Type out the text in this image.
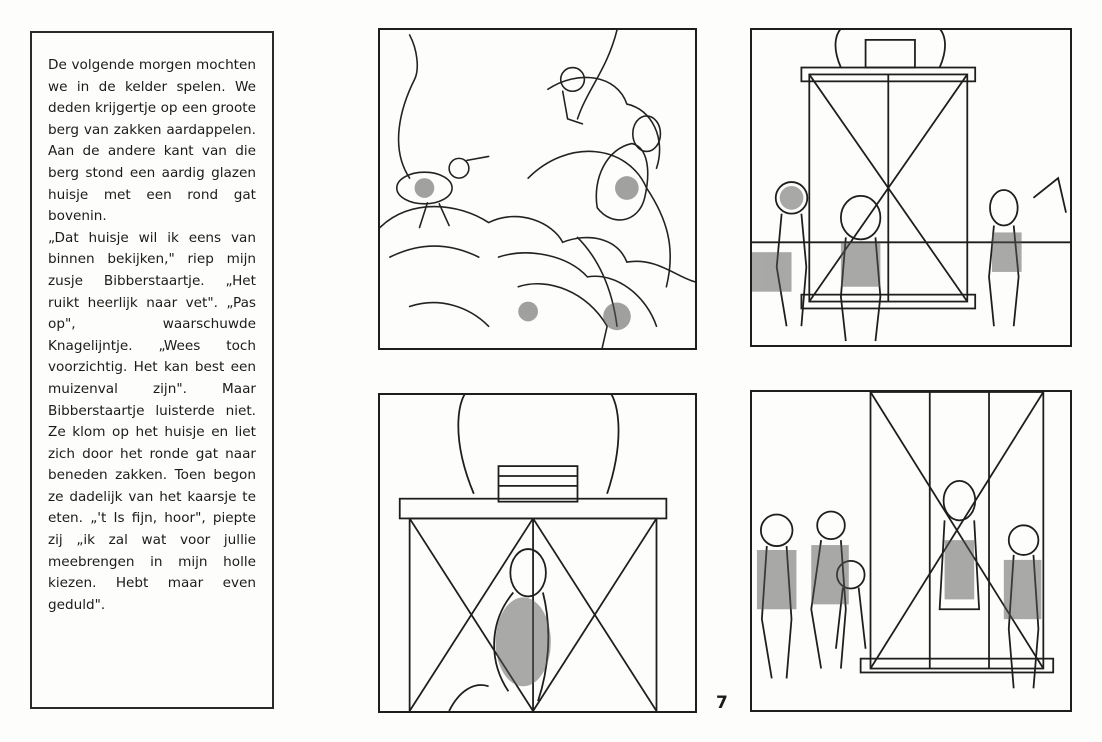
De volgende morgen mochten we in de kelder spelen. We deden krijgertje op een groote berg van zakken aardappelen. Aan de andere kant van die berg stond een aardig glazen huisje met een rond gat bovenin.

„Dat huisje wil ik eens van binnen bekijken," riep mijn zusje Bibberstaartje. „Het ruikt heerlijk naar vet". „Pas op", waarschuwde Knagelijntje. „Wees toch voorzichtig. Het kan best een muizenval zijn". Maar Bibberstaartje luisterde niet. Ze klom op het huisje en liet zich door het ronde gat naar beneden zakken. Toen begon ze dadelijk van het kaarsje te eten. „'t Is fijn, hoor", piepte zij „ik zal wat voor jullie meebrengen in mijn holle kiezen. Hebt maar even geduld".

7
